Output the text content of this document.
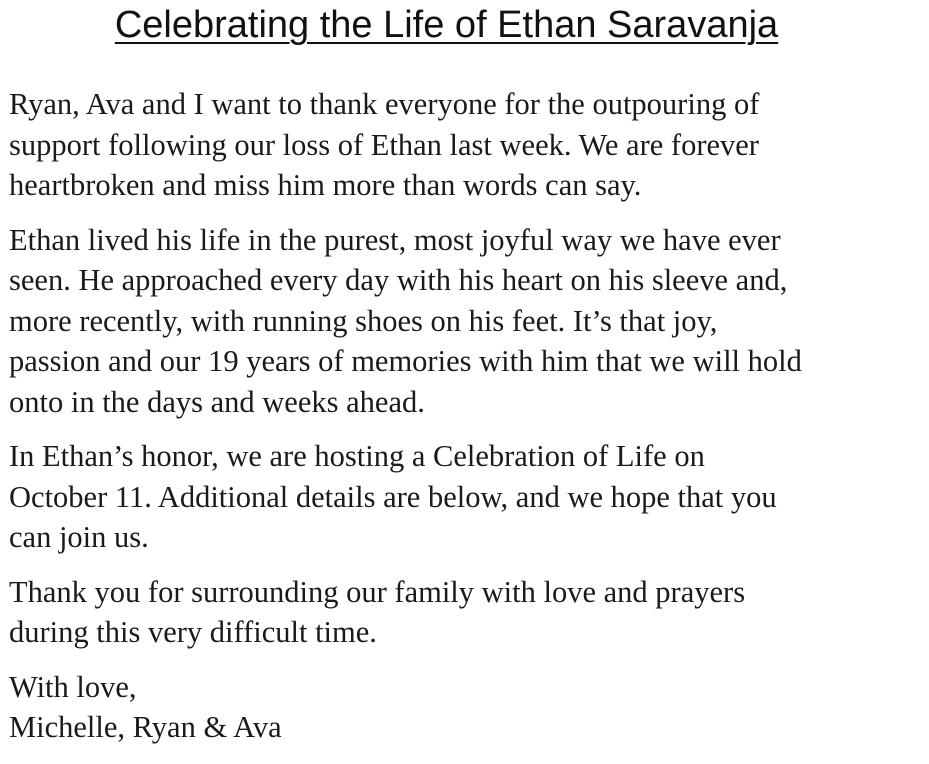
Celebrating the Life of Ethan Saravanja

Ryan, Ava and I want to thank everyone for the outpouring of
support following our loss of Ethan last week. We are forever
heartbroken and miss him more than words can say.

Ethan lived his life in the purest, most joyful way we have ever
seen. He approached every day with his heart on his sleeve and,
more recently, with running shoes on his feet. It’s that joy,
passion and our 19 years of memories with him that we will hold
onto in the days and weeks ahead.

In Ethan’s honor, we are hosting a Celebration of Life on
October 11. Additional details are below, and we hope that you
can join us.

Thank you for surrounding our family with love and prayers
during this very difficult time.

With love,
Michelle, Ryan & Ava
